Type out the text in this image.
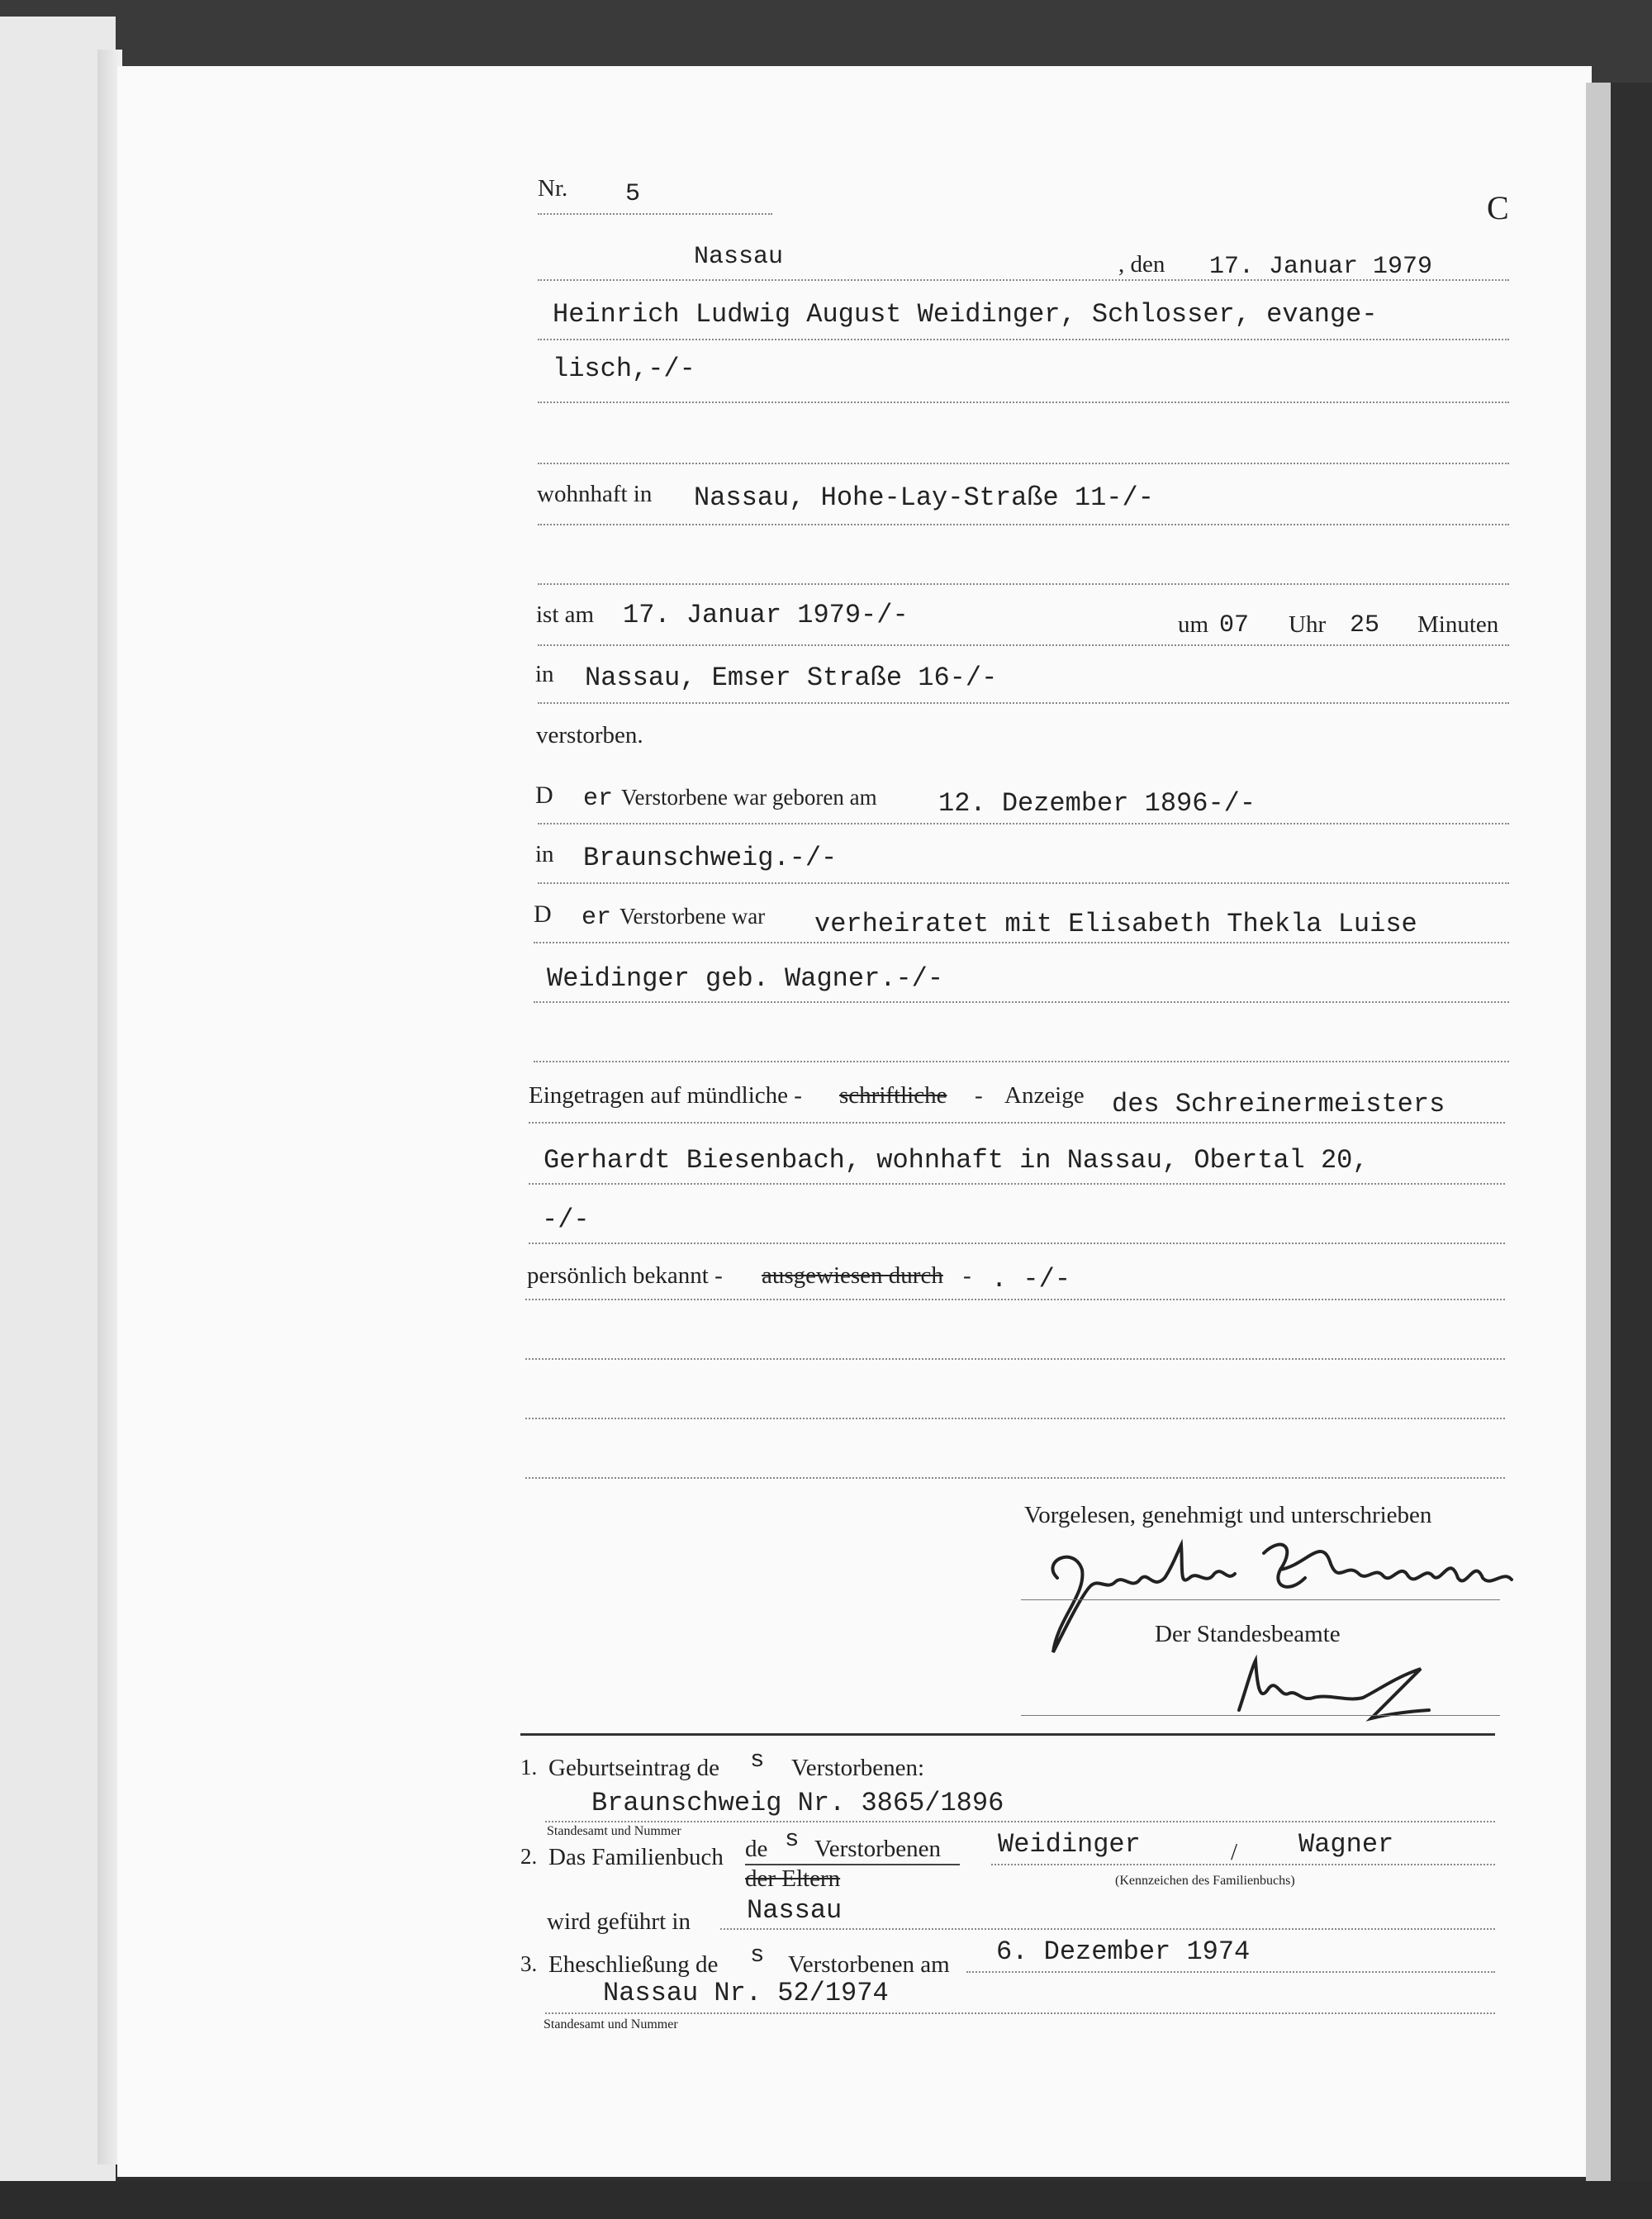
Nr. 5	C
Nassau	, den 17. Januar 1979
Heinrich Ludwig August Weidinger, Schlosser, evange-
lisch,-/-
wohnhaft in Nassau, Hohe-Lay-Straße 11-/-
ist am 17. Januar 1979-/-	um 07 Uhr 25 Minuten
in Nassau, Emser Straße 16-/-
verstorben.
D er Verstorbene war geboren am 12. Dezember 1896-/-
in Braunschweig.-/-
D er Verstorbene war verheiratet mit Elisabeth Thekla Luise
Weidinger geb. Wagner.-/-
Eingetragen auf mündliche - schriftliche - Anzeige des Schreinermeisters
Gerhardt Biesenbach, wohnhaft in Nassau, Obertal 20,
-/-
persönlich bekannt - ausgewiesen durch - . -/-
Vorgelesen, genehmigt und unterschrieben
Der Standesbeamte
1. Geburtseintrag de s Verstorbenen:
Braunschweig Nr. 3865/1896
Standesamt und Nummer
2. Das Familienbuch de s Verstorbenen
der Eltern
Weidinger	/ Wagner
(Kennzeichen des Familienbuchs)
wird geführt in Nassau
3. Eheschließung de s Verstorbenen am 6. Dezember 1974
Nassau Nr. 52/1974
Standesamt und Nummer
